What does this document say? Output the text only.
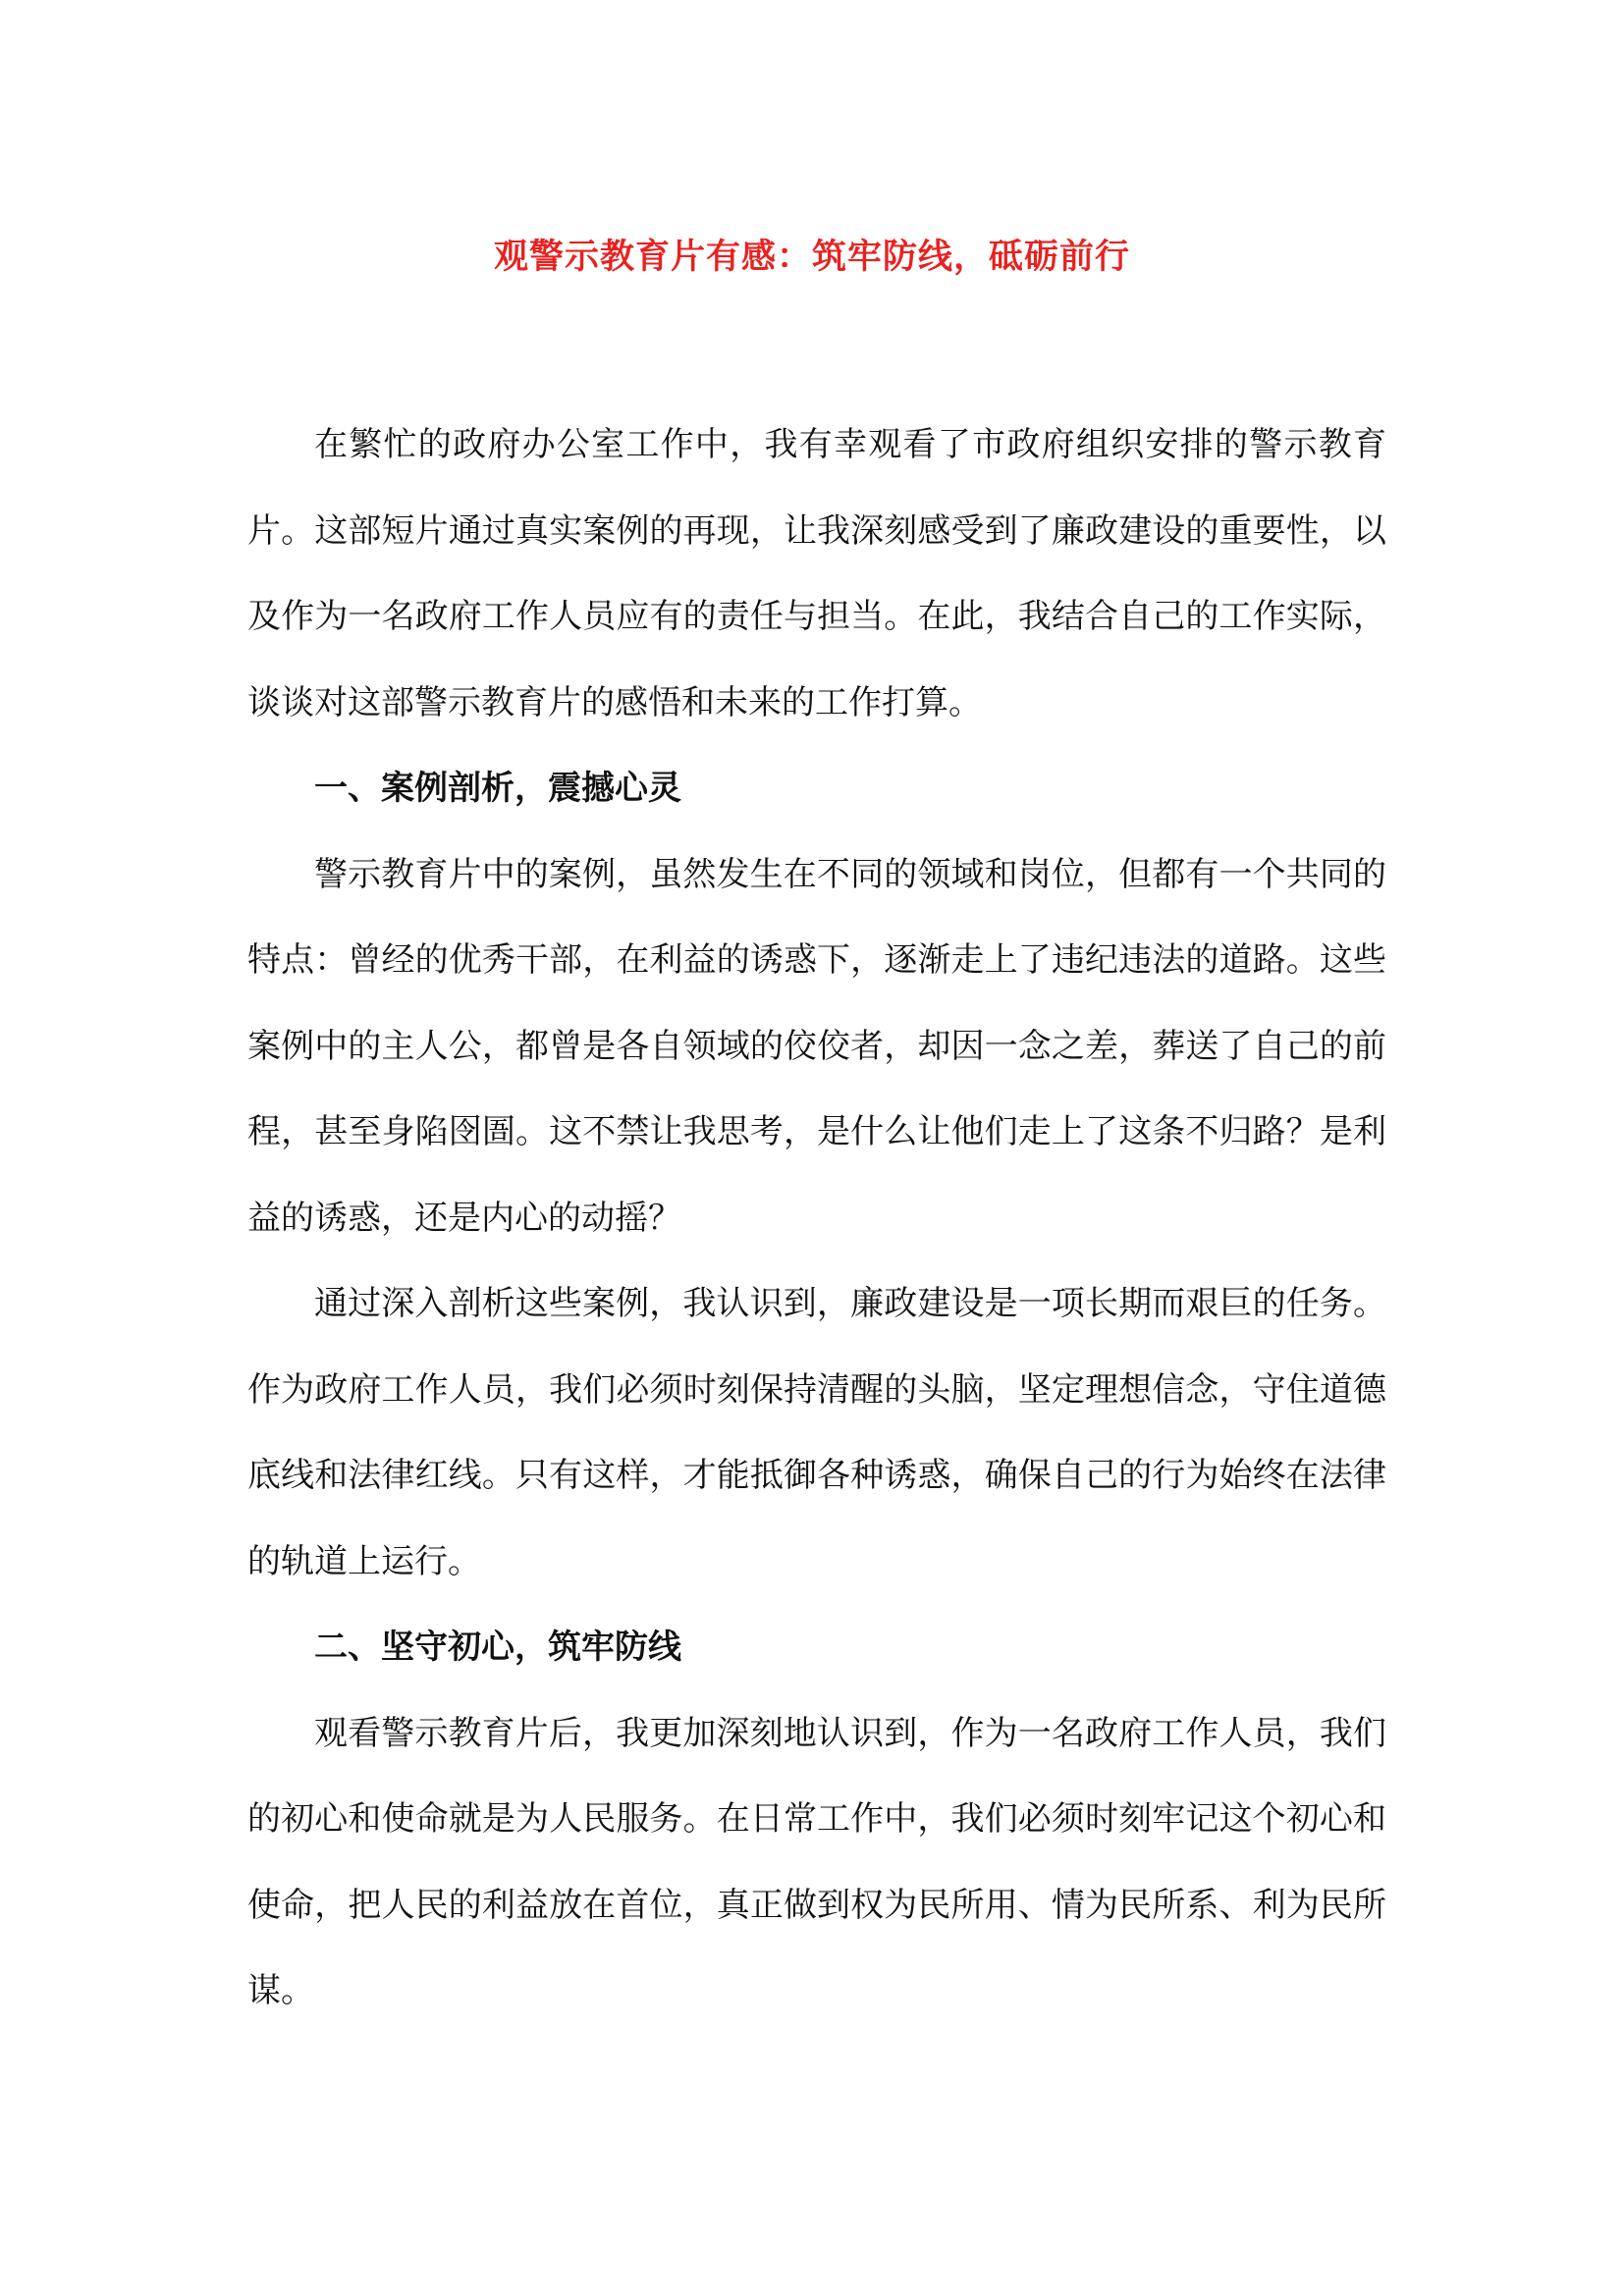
观警示教育片有感：筑牢防线，砥砺前行

在繁忙的政府办公室工作中，我有幸观看了市政府组织安排的警示教育片。这部短片通过真实案例的再现，让我深刻感受到了廉政建设的重要性，以及作为一名政府工作人员应有的责任与担当。在此，我结合自己的工作实际，谈谈对这部警示教育片的感悟和未来的工作打算。

一、案例剖析，震撼心灵

警示教育片中的案例，虽然发生在不同的领域和岗位，但都有一个共同的特点：曾经的优秀干部，在利益的诱惑下，逐渐走上了违纪违法的道路。这些案例中的主人公，都曾是各自领域的佼佼者，却因一念之差，葬送了自己的前程，甚至身陷囹圄。这不禁让我思考，是什么让他们走上了这条不归路？是利益的诱惑，还是内心的动摇？

通过深入剖析这些案例，我认识到，廉政建设是一项长期而艰巨的任务。作为政府工作人员，我们必须时刻保持清醒的头脑，坚定理想信念，守住道德底线和法律红线。只有这样，才能抵御各种诱惑，确保自己的行为始终在法律的轨道上运行。

二、坚守初心，筑牢防线

观看警示教育片后，我更加深刻地认识到，作为一名政府工作人员，我们的初心和使命就是为人民服务。在日常工作中，我们必须时刻牢记这个初心和使命，把人民的利益放在首位，真正做到权为民所用、情为民所系、利为民所谋。
